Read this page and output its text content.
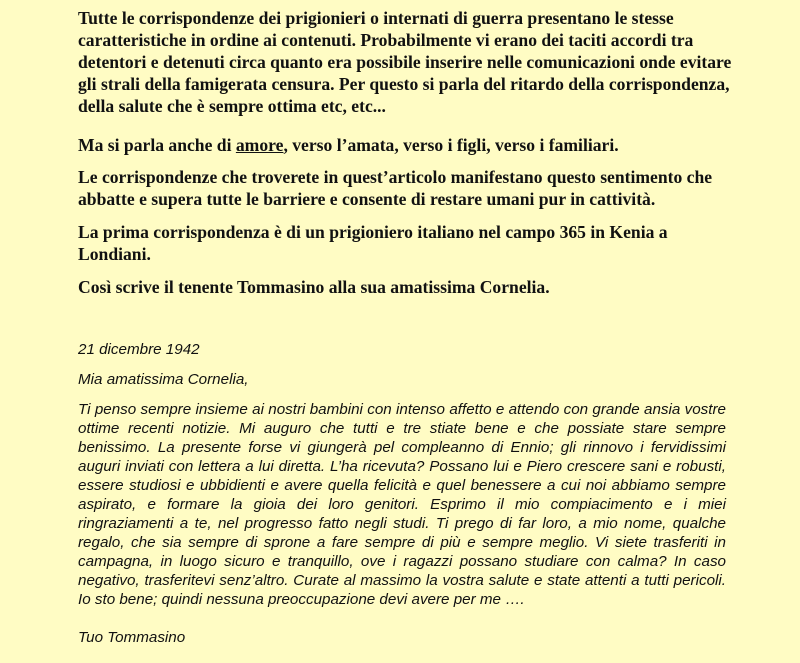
Tutte le corrispondenze dei prigionieri o internati di guerra presentano le stesse caratteristiche in ordine ai contenuti. Probabilmente vi erano dei taciti accordi tra detentori e detenuti circa quanto era possibile inserire nelle comunicazioni onde evitare gli strali della famigerata censura. Per questo si parla del ritardo della corrispondenza, della salute che è sempre ottima etc, etc...

Ma si parla anche di amore, verso l’amata, verso i figli, verso i familiari.

Le corrispondenze che troverete in quest’articolo manifestano questo sentimento che abbatte e supera tutte le barriere e consente di restare umani pur in cattività.

La prima corrispondenza è di un prigioniero italiano nel campo 365 in Kenia a Londiani.

Così scrive il tenente Tommasino alla sua amatissima Cornelia.

21 dicembre 1942

Mia amatissima Cornelia,

Ti penso sempre insieme ai nostri bambini con intenso affetto e attendo con grande ansia vostre ottime recenti notizie. Mi auguro che tutti e tre stiate bene e che possiate stare sempre benissimo. La presente forse vi giungerà pel compleanno di Ennio; gli rinnovo i fervidissimi auguri inviati con lettera a lui diretta. L’ha ricevuta? Possano lui e Piero crescere sani e robusti, essere studiosi e ubbidienti e avere quella felicità e quel benessere a cui noi abbiamo sempre aspirato, e formare la gioia dei loro genitori. Esprimo il mio compiacimento e i miei ringraziamenti a te, nel progresso fatto negli studi. Ti prego di far loro, a mio nome, qualche regalo, che sia sempre di sprone a fare sempre di più e sempre meglio. Vi siete trasferiti in campagna, in luogo sicuro e tranquillo, ove i ragazzi possano studiare con calma? In caso negativo, trasferitevi senz’altro. Curate al massimo la vostra salute e state attenti a tutti pericoli. Io sto bene; quindi nessuna preoccupazione devi avere per me ….

Tuo Tommasino
